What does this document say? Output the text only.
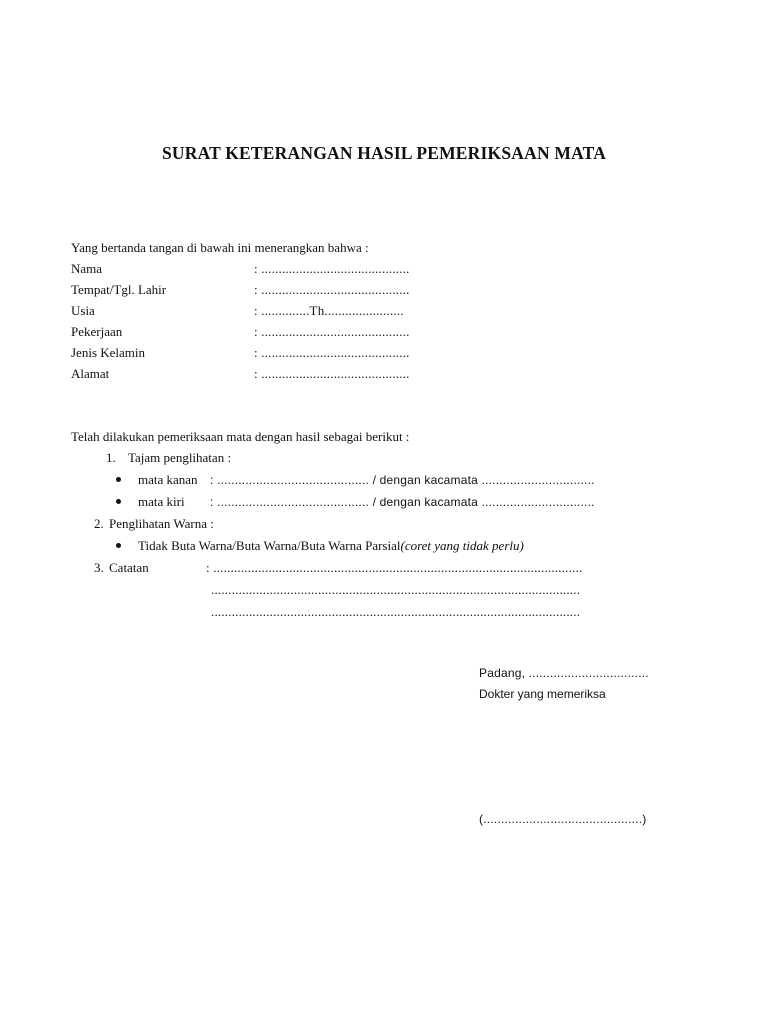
SURAT KETERANGAN HASIL PEMERIKSAAN MATA
Yang bertanda tangan di bawah ini menerangkan bahwa :
Nama	: ...........................................
Tempat/Tgl. Lahir	: ...........................................
Usia	: ..............Th.......................
Pekerjaan	: ...........................................
Jenis Kelamin	: ...........................................
Alamat	: ...........................................
Telah dilakukan pemeriksaan mata dengan hasil sebagai berikut :
1. Tajam penglihatan :
mata kanan : ........................................... / dengan kacamata ................................
mata kiri : ........................................... / dengan kacamata ................................
2. Penglihatan Warna :
Tidak Buta Warna/Buta Warna/Buta Warna Parsial(coret yang tidak perlu)
3. Catatan	: ...........................................................................................................
...........................................................................................................
...........................................................................................................
Padang, ..................................
Dokter yang memeriksa
(.............................................)
